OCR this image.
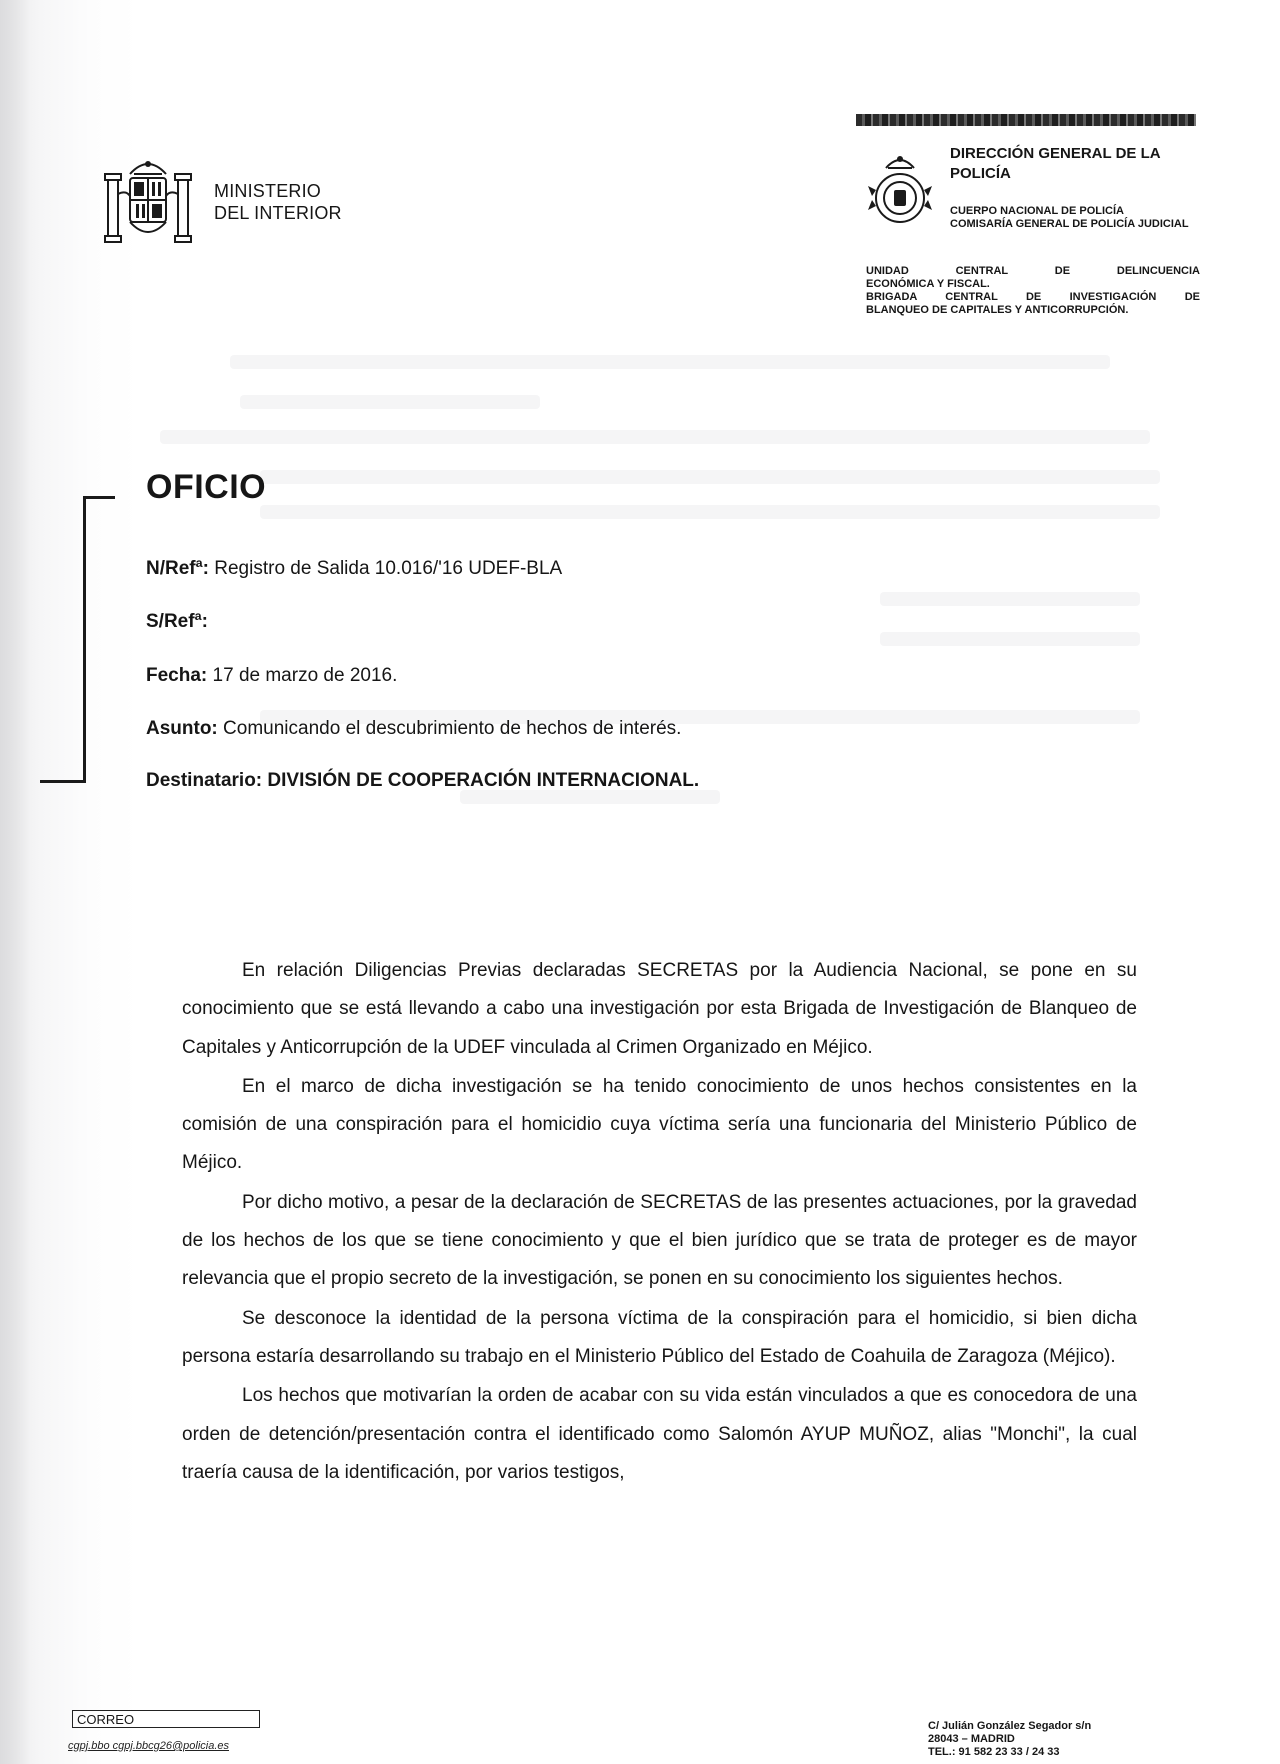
MINISTERIO
DEL INTERIOR
DIRECCIÓN GENERAL DE LA POLICÍA
CUERPO NACIONAL DE POLICÍA
COMISARÍA GENERAL DE POLICÍA JUDICIAL
UNIDAD CENTRAL DE DELINCUENCIA
ECONÓMICA Y FISCAL.
BRIGADA CENTRAL DE INVESTIGACIÓN DE
BLANQUEO DE CAPITALES Y ANTICORRUPCIÓN.
OFICIO
N/Refª: Registro de Salida 10.016/'16 UDEF-BLA
S/Refª:
Fecha: 17 de marzo de 2016.
Asunto: Comunicando el descubrimiento de hechos de interés.
Destinatario: DIVISIÓN DE COOPERACIÓN INTERNACIONAL.

En relación Diligencias Previas declaradas SECRETAS por la Audiencia Nacional, se pone en su conocimiento que se está llevando a cabo una investigación por esta Brigada de Investigación de Blanqueo de Capitales y Anticorrupción de la UDEF vinculada al Crimen Organizado en Méjico.

En el marco de dicha investigación se ha tenido conocimiento de unos hechos consistentes en la comisión de una conspiración para el homicidio cuya víctima sería una funcionaria del Ministerio Público de Méjico.

Por dicho motivo, a pesar de la declaración de SECRETAS de las presentes actuaciones, por la gravedad de los hechos de los que se tiene conocimiento y que el bien jurídico que se trata de proteger es de mayor relevancia que el propio secreto de la investigación, se ponen en su conocimiento los siguientes hechos.

Se desconoce la identidad de la persona víctima de la conspiración para el homicidio, si bien dicha persona estaría desarrollando su trabajo en el Ministerio Público del Estado de Coahuila de Zaragoza (Méjico).

Los hechos que motivarían la orden de acabar con su vida están vinculados a que es conocedora de una orden de detención/presentación contra el identificado como Salomón AYUP MUÑOZ, alias "Monchi", la cual traería causa de la identificación, por varios testigos,

CORREO
cgpj.bbo cgpj.bbcg26@policia.es
C/ Julián González Segador s/n
28043 – MADRID
TEL.: 91 582 23 33 / 24 33
